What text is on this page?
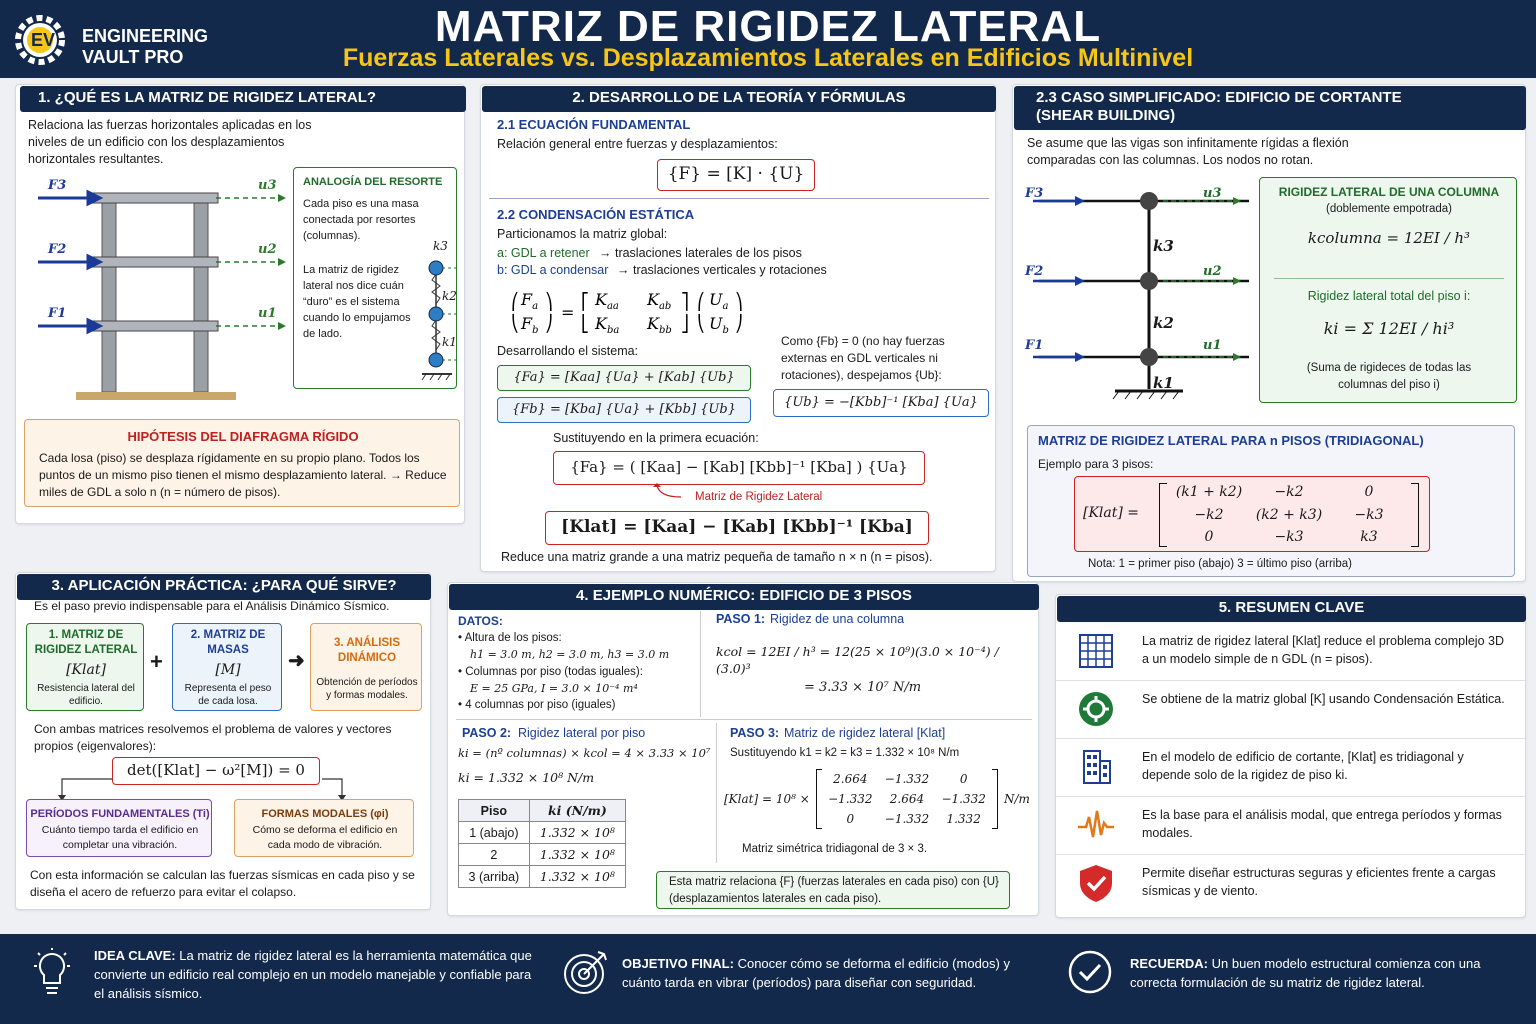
EV ENGINEERING
VAULT PRO
MATRIZ DE RIGIDEZ LATERAL
Fuerzas Laterales vs. Desplazamientos Laterales en Edificios Multinivel
1. ¿QUÉ ES LA MATRIZ DE RIGIDEZ LATERAL?
Relaciona las fuerzas horizontales aplicadas en los niveles de un edificio con los desplazamientos horizontales resultantes.
F3
F2
F1
u3
u2
u1
ANALOGÍA DEL RESORTE
Cada piso es una masa conectada por resortes (columnas).
La matriz de rigidez lateral nos dice cuán “duro” es el sistema cuando lo empujamos de lado.
k3
k2
k1
HIPÓTESIS DEL DIAFRAGMA RÍGIDO
Cada losa (piso) se desplaza rígidamente en su propio plano. Todos los puntos de un mismo piso tienen el mismo desplazamiento lateral. → Reduce miles de GDL a solo n (n = número de pisos).
2. DESARROLLO DE LA TEORÍA Y FÓRMULAS
2.1 ECUACIÓN FUNDAMENTAL
Relación general entre fuerzas y desplazamientos:
{F} = [K] · {U}
2.2 CONDENSACIÓN ESTÁTICA
Particionamos la matriz global:
a: GDL a retener → traslaciones laterales de los pisos
b: GDL a condensar → traslaciones verticales y rotaciones
⎛
⎝
$F_a$
$F_b$
⎞
⎠
=
⎡
⎣
$K_{aa}$ $K_{ab}$
$K_{ba}$ $K_{bb}$
⎤
⎦
⎛
⎝
$U_a$
$U_b$
⎞
⎠
Desarrollando el sistema:
{Fa} = [Kaa] {Ua} + [Kab] {Ub}
{Fb} = [Kba] {Ua} + [Kbb] {Ub}
Como {Fb} = 0 (no hay fuerzas externas en GDL verticales ni rotaciones), despejamos {Ub}:
{Ub} = −[Kbb]⁻¹ [Kba] {Ua}
Sustituyendo en la primera ecuación:
{Fa} = ( [Kaa] − [Kab] [Kbb]⁻¹ [Kba] ) {Ua}
Matriz de Rigidez Lateral
[Klat] = [Kaa] − [Kab] [Kbb]⁻¹ [Kba]
Reduce una matriz grande a una matriz pequeña de tamaño n × n (n = pisos).
2.3 CASO SIMPLIFICADO: EDIFICIO DE CORTANTE (SHEAR BUILDING)
Se asume que las vigas son infinitamente rígidas a flexión comparadas con las columnas. Los nodos no rotan.
F3
F2
F1
k3
k2
k1
u3
u2
u1
RIGIDEZ LATERAL DE UNA COLUMNA
(doblemente empotrada)
kcolumna = 12EI / h³
Rigidez lateral total del piso i:
ki = Σ 12EI / hi³
(Suma de rigideces de todas las columnas del piso i)
MATRIZ DE RIGIDEZ LATERAL PARA n PISOS (TRIDIAGONAL)
Ejemplo para 3 pisos:
[Klat] =
(k1 + k2)	−k2	0
−k2	(k2 + k3)	−k3
0	−k3	k3
Nota: 1 = primer piso (abajo) 3 = último piso (arriba)
3. APLICACIÓN PRÁCTICA: ¿PARA QUÉ SIRVE?
Es el paso previo indispensable para el Análisis Dinámico Sísmico.
1. MATRIZ DE RIGIDEZ LATERAL
[Klat]
Resistencia lateral del edificio.
+
2. MATRIZ DE MASAS
[M]
Representa el peso de cada losa.
➜
3. ANÁLISIS DINÁMICO
Obtención de períodos y formas modales.
Con ambas matrices resolvemos el problema de valores y vectores propios (eigenvalores):
det([Klat] − ω²[M]) = 0
PERÍODOS FUNDAMENTALES (Ti)
Cuánto tiempo tarda el edificio en completar una vibración.
FORMAS MODALES (φi)
Cómo se deforma el edificio en cada modo de vibración.
Con esta información se calculan las fuerzas sísmicas en cada piso y se diseña el acero de refuerzo para evitar el colapso.
4. EJEMPLO NUMÉRICO: EDIFICIO DE 3 PISOS
DATOS:
• Altura de los pisos:
h1 = 3.0 m, h2 = 3.0 m, h3 = 3.0 m
• Columnas por piso (todas iguales):
E = 25 GPa, I = 3.0 × 10⁻⁴ m⁴
• 4 columnas por piso (iguales)
PASO 1: Rigidez de una columna
kcol = 12EI / h³ = 12(25 × 10⁹)(3.0 × 10⁻⁴) / (3.0)³
= 3.33 × 10⁷ N/m
PASO 2: Rigidez lateral por piso
ki = (nº columnas) × kcol = 4 × 3.33 × 10⁷
ki = 1.332 × 10⁸ N/m
Piso	ki (N/m)
1 (abajo)	1.332 × 10⁸
2	1.332 × 10⁸
3 (arriba)	1.332 × 10⁸
PASO 3: Matriz de rigidez lateral [Klat]
Sustituyendo k1 = k2 = k3 = 1.332 × 10⁸ N/m
[Klat] = 10⁸ ×
2.664	−1.332	0
−1.332	2.664	−1.332
0	−1.332	1.332
N/m
Matriz simétrica tridiagonal de 3 × 3.
Esta matriz relaciona {F} (fuerzas laterales en cada piso) con {U} (desplazamientos laterales en cada piso).
5. RESUMEN CLAVE
La matriz de rigidez lateral [Klat] reduce el problema complejo 3D a un modelo simple de n GDL (n = pisos).
Se obtiene de la matriz global [K] usando Condensación Estática.
En el modelo de edificio de cortante, [Klat] es tridiagonal y depende solo de la rigidez de piso ki.
Es la base para el análisis modal, que entrega períodos y formas modales.
Permite diseñar estructuras seguras y eficientes frente a cargas sísmicas y de viento.
IDEA CLAVE: La matriz de rigidez lateral es la herramienta matemática que convierte un edificio real complejo en un modelo manejable y confiable para el análisis sísmico.
OBJETIVO FINAL: Conocer cómo se deforma el edificio (modos) y cuánto tarda en vibrar (períodos) para diseñar con seguridad.
RECUERDA: Un buen modelo estructural comienza con una correcta formulación de su matriz de rigidez lateral.
